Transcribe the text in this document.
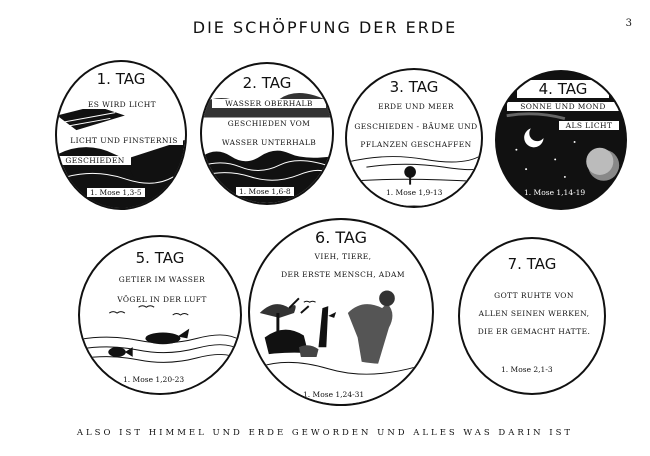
DIE SCHÖPFUNG DER ERDE	3
1. TAG
ES WIRD LICHT
LICHT UND FINSTERNIS
GESCHIEDEN
1. Mose 1,3-5
2. TAG
WASSER OBERHALB
GESCHIEDEN VOM
WASSER UNTERHALB
1. Mose 1,6-8
3. TAG
ERDE UND MEER
GESCHIEDEN - BÄUME UND
PFLANZEN GESCHAFFEN
1. Mose 1,9-13
4. TAG
SONNE UND MOND
ALS LICHT
1. Mose 1,14-19
5. TAG
GETIER IM WASSER
VÖGEL IN DER LUFT
1. Mose 1,20-23
6. TAG
VIEH, TIERE,
DER ERSTE MENSCH, ADAM
1. Mose 1,24-31
7. TAG
GOTT RUHTE VON
ALLEN SEINEN WERKEN,
DIE ER GEMACHT HATTE.
1. Mose 2,1-3
ALSO IST HIMMEL UND ERDE GEWORDEN UND ALLES WAS DARIN IST
